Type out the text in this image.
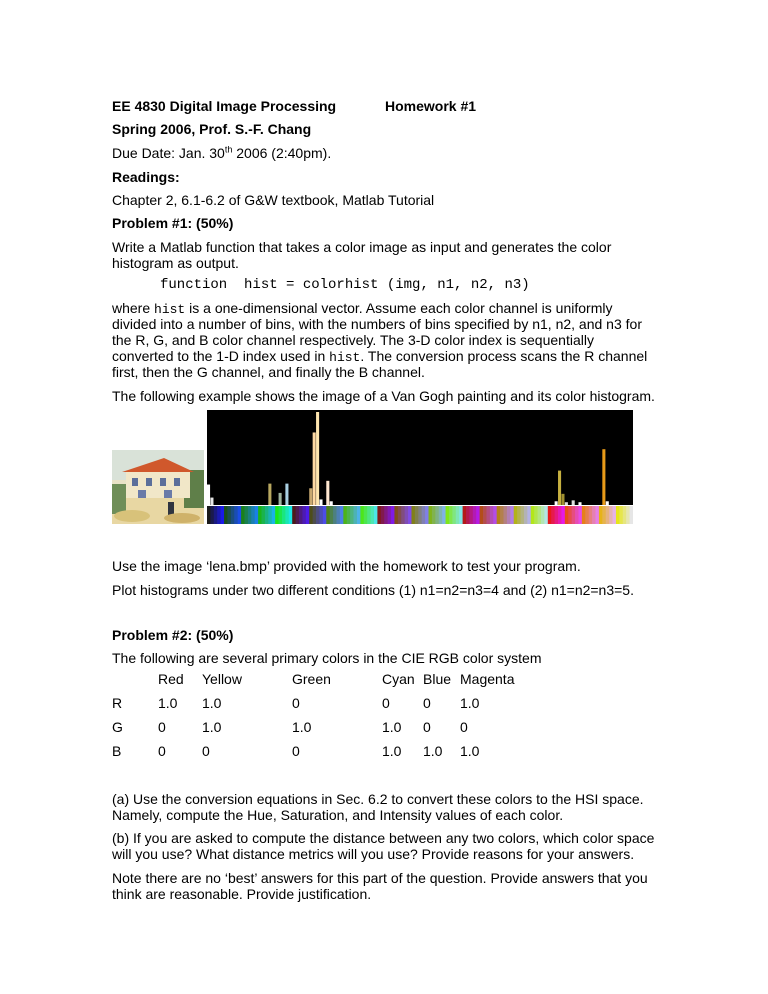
EE 4830 Digital Image Processing	Homework #1
Spring 2006, Prof. S.-F. Chang
Due Date: Jan. 30th 2006 (2:40pm).
Readings:
Chapter 2, 6.1-6.2 of G&W textbook, Matlab Tutorial
Problem #1: (50%)
Write a Matlab function that takes a color image as input and generates the color
histogram as output.
function  hist = colorhist (img, n1, n2, n3)
where hist is a one-dimensional vector. Assume each color channel is uniformly
divided into a number of bins, with the numbers of bins specified by n1, n2, and n3 for
the R, G, and B color channel respectively. The 3-D color index is sequentially
converted to the 1-D index used in hist. The conversion process scans the R channel
first, then the G channel, and finally the B channel.
The following example shows the image of a Van Gogh painting and its color histogram.
Use the image ‘lena.bmp’ provided with the homework to test your program.
Plot histograms under two different conditions (1) n1=n2=n3=4 and (2) n1=n2=n3=5.
Problem #2: (50%)
The following are several primary colors in the CIE RGB color system
Red Yellow	Green	Cyan Blue Magenta
R	1.0 1.0	0	0 0 1.0
G	0	1.0	1.0	1.0 0 0
B	0	0	0	1.0 1.0 1.0
(a) Use the conversion equations in Sec. 6.2 to convert these colors to the HSI space.
Namely, compute the Hue, Saturation, and Intensity values of each color.
(b) If you are asked to compute the distance between any two colors, which color space
will you use? What distance metrics will you use? Provide reasons for your answers.
Note there are no ‘best’ answers for this part of the question. Provide answers that you
think are reasonable. Provide justification.
